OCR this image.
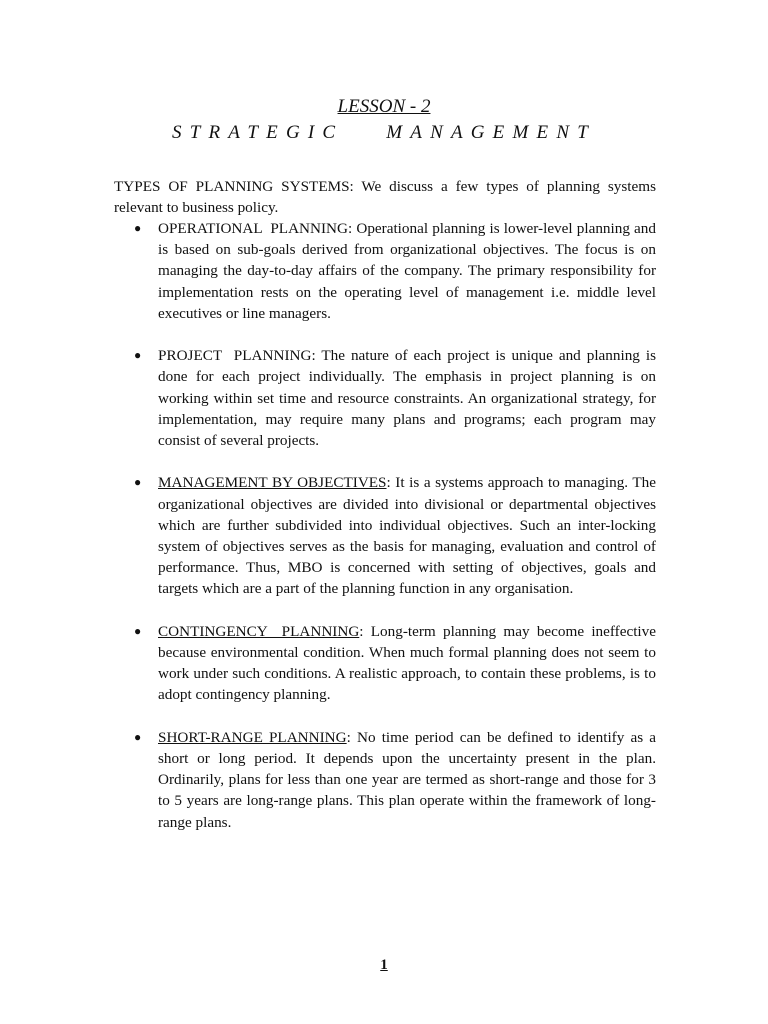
LESSON - 2
STRATEGIC MANAGEMENT

TYPES OF PLANNING SYSTEMS: We discuss a few types of planning systems relevant to business policy.

● OPERATIONAL  PLANNING: Operational planning is lower-level planning and is based on sub-goals derived from organizational objectives. The focus is on managing the day-to-day affairs of the company. The primary responsibility for implementation rests on the operating level of management i.e. middle level executives or line managers.
● PROJECT  PLANNING: The nature of each project is unique and planning is done for each project individually. The emphasis in project planning is on working within set time and resource constraints. An organizational strategy, for implementation, may require many plans and programs; each program may consist of several projects.
● MANAGEMENT BY OBJECTIVES: It is a systems approach to managing. The organizational objectives are divided into divisional or departmental objectives which are further subdivided into individual objectives. Such an inter-locking system of objectives serves as the basis for managing, evaluation and control of performance. Thus, MBO is concerned with setting of objectives, goals and targets which are a part of the planning function in any organisation.
● CONTINGENCY  PLANNING: Long-term planning may become ineffective because environmental condition. When much formal planning does not seem to work under such conditions. A realistic approach, to contain these problems, is to adopt contingency planning.
● SHORT-RANGE PLANNING: No time period can be defined to identify as a short or long period. It depends upon the uncertainty present in the plan. Ordinarily, plans for less than one year are termed as short-range and those for 3 to 5 years are long-range plans. This plan operate within the framework of long-range plans.
1
